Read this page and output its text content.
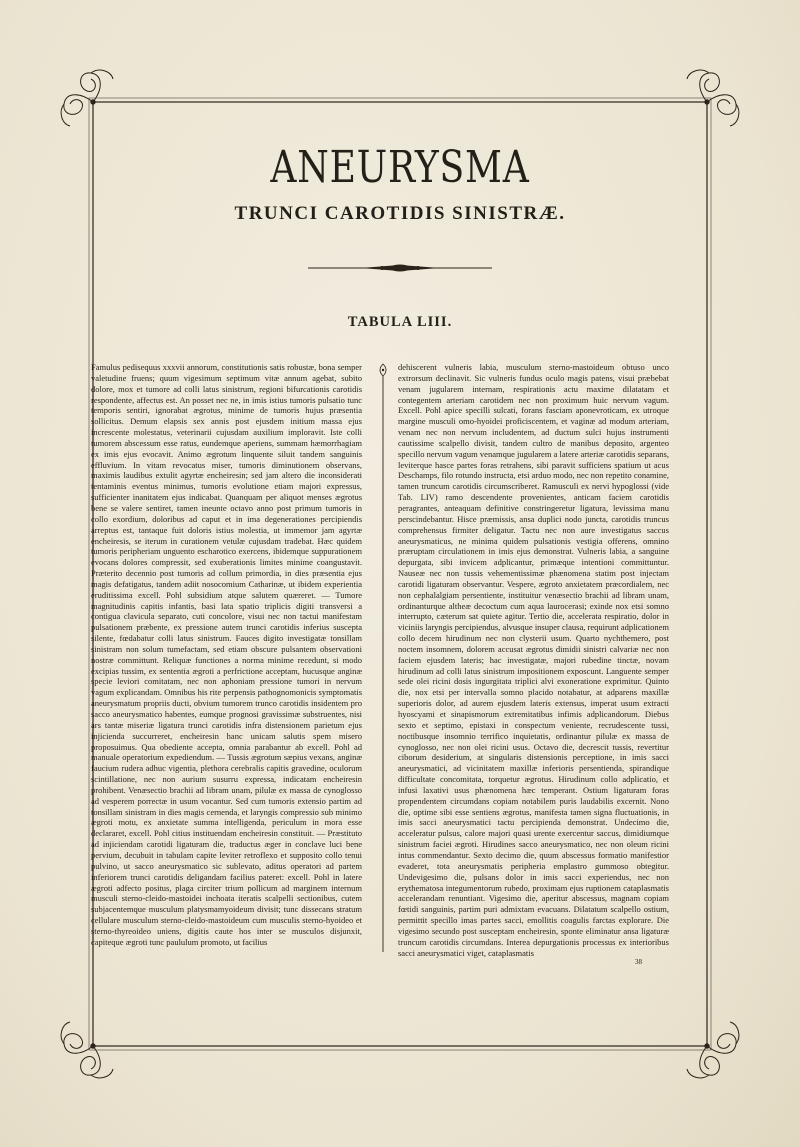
ANEURYSMA
TRUNCI CAROTIDIS SINISTRÆ.
TABULA LIII.

Famulus pedisequus xxxvii annorum, constitutionis satis robustæ, bona semper valetudine fruens; quum vigesimum septimum vitæ annum agebat, subito dolore, mox et tumore ad colli latus sinistrum, regioni bifurcationis carotidis respondente, affectus est. An posset nec ne, in imis istius tumoris pulsatio tunc temporis sentiri, ignorabat ægrotus, minime de tumoris hujus præsentia sollicitus. Demum elapsis sex annis post ejusdem initium massa ejus increscente molestatus, veterinarii cujusdam auxilium imploravit. Iste colli tumorem abscessum esse ratus, eundemque aperiens, summam hæmorrhagiam ex imis ejus evocavit. Animo ægrotum linquente siluit tandem sanguinis effluvium. In vitam revocatus miser, tumoris diminutionem observans, maximis laudibus extulit agyrtæ encheiresin; sed jam altero die inconsiderati tentaminis eventus minimus, tumoris evolutione etiam majori expressus, sufficienter inanitatem ejus indicabat. Quanquam per aliquot menses ægrotus bene se valere sentiret, tamen ineunte octavo anno post primum tumoris in collo exordium, doloribus ad caput et in ima degenerationes percipiendis arreptus est, tantaque fuit doloris istius molestia, ut immemor jam agyrtæ encheiresis, se iterum in curationem vetulæ cujusdam tradebat. Hæc quidem tumoris peripheriam unguento escharotico exercens, ibidemque suppurationem evocans dolores compressit, sed exuberationis limites minime coangustavit. Præterito decennio post tumoris ad collum primordia, in dies præsentia ejus magis defatigatus, tandem adiit nosocomium Catharinæ, ut ibidem experientia eruditissima excell. Pohl subsidium atque salutem quæreret. — Tumore magnitudinis capitis infantis, basi lata spatio triplicis digiti transversi a contigua clavicula separato, cuti concolore, visui nec non tactui manifestam pulsationem præbente, ex pressione autem trunci carotidis inferius suscepta silente, fœdabatur colli latus sinistrum. Fauces digito investigatæ tonsillam sinistram non solum tumefactam, sed etiam obscure pulsantem observationi nostræ committunt. Reliquæ functiones a norma minime recedunt, si modo excipias tussim, ex sententia ægroti a perfrictione acceptam, hucusque anginæ specie leviori comitatam, nec non aphoniam pressione tumori in nervum vagum explicandam. Omnibus his rite perpensis pathognomonicis symptomatis aneurysmatum propriis ducti, obvium tumorem trunco carotidis insidentem pro sacco aneurysmatico habentes, eumque prognosi gravissimæ substruentes, nisi ars tantæ miseriæ ligatura trunci carotidis infra distensionem parietum ejus injicienda succurreret, encheiresin hanc unicam salutis spem misero proposuimus. Qua obediente accepta, omnia parabantur ab excell. Pohl ad manuale operatorium expediendum. — Tussis ægrotum sæpius vexans, anginæ faucium rudera adhuc vigentia, plethora cerebralis capitis gravedine, oculorum scintillatione, nec non aurium susurru expressa, indicatam encheiresin prohibent. Venæsectio brachii ad libram unam, pilulæ ex massa de cynoglosso ad vesperem porrectæ in usum vocantur. Sed cum tumoris extensio partim ad tonsillam sinistram in dies magis cernenda, et laryngis compressio sub minimo ægroti motu, ex anxietate summa intelligenda, periculum in mora esse declararet, excell. Pohl citius instituendam encheiresin constituit. — Præstituto ad injiciendam carotidi ligaturam die, traductus æger in conclave luci bene pervium, decubuit in tabulam capite leviter retroflexo et supposito collo tenui pulvino, ut sacco aneurysmatico sic sublevato, aditus operatori ad partem inferiorem trunci carotidis deligandam facilius pateret: excell. Pohl in latere ægroti adfecto positus, plaga circiter trium pollicum ad marginem internum musculi sterno-cleido-mastoidei inchoata iteratis scalpelli sectionibus, cutem subjacentemque musculum platysmamyoideum divisit; tunc dissecans stratum cellulare musculum sterno-cleido-mastoideum cum musculis sterno-hyoideo et sterno-thyreoideo uniens, digitis caute hos inter se musculos disjunxit, capiteque ægroti tunc paululum promoto, ut facilius

dehiscerent vulneris labia, musculum sterno-mastoideum obtuso unco extrorsum declinavit. Sic vulneris fundus oculo magis patens, visui præbebat venam jugularem internam, respirationis actu maxime dilatatam et contegentem arteriam carotidem nec non proximum huic nervum vagum. Excell. Pohl apice specilli sulcati, forans fasciam aponevroticam, ex utroque margine musculi omo-hyoidei proficiscentem, et vaginæ ad modum arteriam, venam nec non nervum includentem, ad ductum sulci hujus instrumenti cautissime scalpello divisit, tandem cultro de manibus deposito, argenteo specillo nervum vagum venamque jugularem a latere arteriæ carotidis separans, leviterque hasce partes foras retrahens, sibi paravit sufficiens spatium ut acus Deschamps, filo rotundo instructa, etsi arduo modo, nec non repetito conamine, tamen truncum carotidis circumscriberet. Ramusculi ex nervi hypoglossi (vide Tab. LIV) ramo descendente provenientes, anticam faciem carotidis peragrantes, anteaquam definitive constringeretur ligatura, levissima manu perscindebantur. Hisce præmissis, ansa duplici nodo juncta, carotidis truncus comprehensus firmiter deligatur. Tactu nec non aure investigatus saccus aneurysmaticus, ne minima quidem pulsationis vestigia offerens, omnino præruptam circulationem in imis ejus demonstrat. Vulneris labia, a sanguine depurgata, sibi invicem adplicantur, primæque intentioni committuntur. Nauseæ nec non tussis vehementissimæ phænomena statim post injectam carotidi ligaturam observantur. Vespere, ægroto anxietatem præcordialem, nec non cephalalgiam persentiente, instituitur venæsectio brachii ad libram unam, ordinanturque altheæ decoctum cum aqua laurocerasi; exinde nox etsi somno interrupto, cæterum sat quiete agitur. Tertio die, accelerata respiratio, dolor in viciniis laryngis percipiendus, alvusque insuper clausa, requirunt adplicationem collo decem hirudinum nec non clysterii usum. Quarto nychthemero, post noctem insomnem, dolorem accusat ægrotus dimidii sinistri calvariæ nec non faciem ejusdem lateris; hac investigatæ, majori rubedine tinctæ, novam hirudinum ad colli latus sinistrum impositionem exposcunt. Languente semper sede olei ricini dosis ingurgitata triplici alvi exoneratione exprimitur. Quinto die, nox etsi per intervalla somno placido notabatur, at adparens maxillæ superioris dolor, ad aurem ejusdem lateris extensus, imperat usum extracti hyoscyami et sinapismorum extremitatibus infimis adplicandorum. Diebus sexto et septimo, epistaxi in conspectum veniente, recrudescente tussi, noctibusque insomnio terrifico inquietatis, ordinantur pilulæ ex massa de cynoglosso, nec non olei ricini usus. Octavo die, decrescit tussis, revertitur ciborum desiderium, at singularis distensionis perceptione, in imis sacci aneurysmatici, ad vicinitatem maxillæ inferioris persentienda, spirandique difficultate concomitata, torquetur ægrotus. Hirudinum collo adplicatio, et infusi laxativi usus phænomena hæc temperant. Ostium ligaturam foras propendentem circumdans copiam notabilem puris laudabilis excernit. Nono die, optime sibi esse sentiens ægrotus, manifesta tamen signa fluctuationis, in imis sacci aneurysmatici tactu percipienda demonstrat. Undecimo die, acceleratur pulsus, calore majori quasi urente exercentur saccus, dimidiumque sinistrum faciei ægroti. Hirudines sacco aneurysmatico, nec non oleum ricini intus commendantur. Sexto decimo die, quum abscessus formatio manifestior evaderet, tota aneurysmatis peripheria emplastro gummoso obtegitur. Undevigesimo die, pulsans dolor in imis sacci experiendus, nec non erythematosa integumentorum rubedo, proximam ejus ruptionem cataplasmatis accelerandam renuntiant. Vigesimo die, aperitur abscessus, magnam copiam fœtidi sanguinis, partim puri admixtam evacuans. Dilatatum scalpello ostium, permittit specillo imas partes sacci, emollitis coagulis farctas explorare. Die vigesimo secundo post susceptam encheiresin, sponte eliminatur ansa ligaturæ truncum carotidis circumdans. Interea depurgationis processus ex interioribus sacci aneurysmatici viget, cataplasmatis

38
